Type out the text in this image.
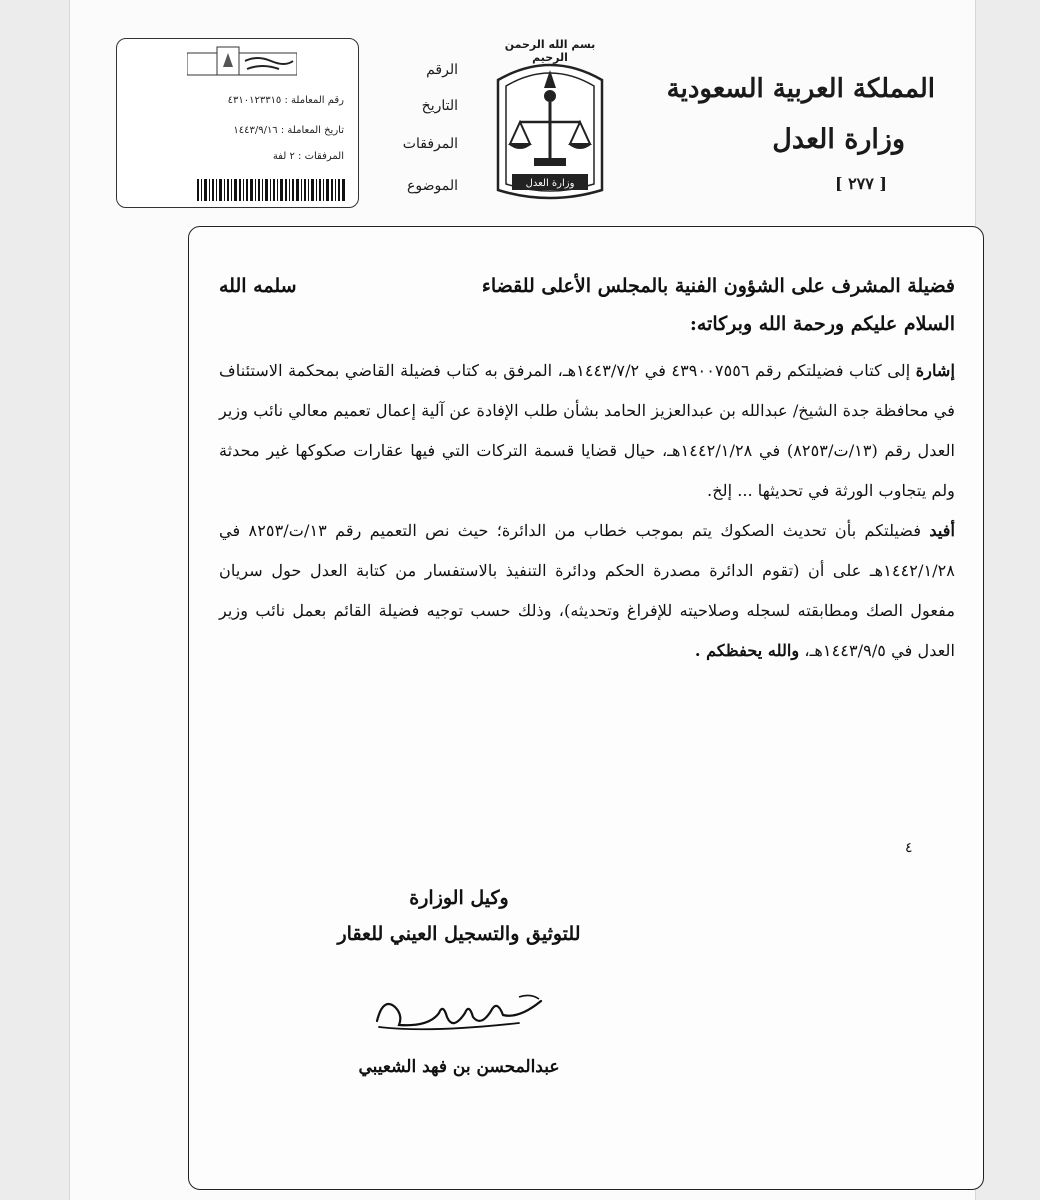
رقم المعاملة : ٤٣١٠١٢٣٣١٥
تاريخ المعاملة : ١٤٤٣/٩/١٦
المرفقات : ٢ لفة
الرقم
التاريخ
المرفقات
الموضوع
بسم الله الرحمن الرحيم
وزارة العدل
المملكة العربية السعودية
وزارة العدل
[ ٢٧٧ ]
فضيلة المشرف على الشؤون الفنية بالمجلس الأعلى للقضاء
سلمه الله
السلام عليكم ورحمة الله وبركاته:

إشارة إلى كتاب فضيلتكم رقم ٤٣٩٠٠٧٥٥٦ في ١٤٤٣/٧/٢هـ، المرفق به كتاب فضيلة القاضي بمحكمة الاستئناف في محافظة جدة الشيخ/ عبدالله بن عبدالعزيز الحامد بشأن طلب الإفادة عن آلية إعمال تعميم معالي نائب وزير العدل رقم (١٣/ت/٨٢٥٣) في ١٤٤٢/١/٢٨هـ، حيال قضايا قسمة التركات التي فيها عقارات صكوكها غير محدثة ولم يتجاوب الورثة في تحديثها ... إلخ.

أفيد فضيلتكم بأن تحديث الصكوك يتم بموجب خطاب من الدائرة؛ حيث نص التعميم رقم ١٣/ت/٨٢٥٣ في ١٤٤٢/١/٢٨هـ على أن (تقوم الدائرة مصدرة الحكم ودائرة التنفيذ بالاستفسار من كتابة العدل حول سريان مفعول الصك ومطابقته لسجله وصلاحيته للإفراغ وتحديثه)، وذلك حسب توجيه فضيلة القائم بعمل نائب وزير العدل في ١٤٤٣/٩/٥هـ، والله يحفظكم .

٤
وكيل الوزارة
للتوثيق والتسجيل العيني للعقار
عبدالمحسن بن فهد الشعيبي
